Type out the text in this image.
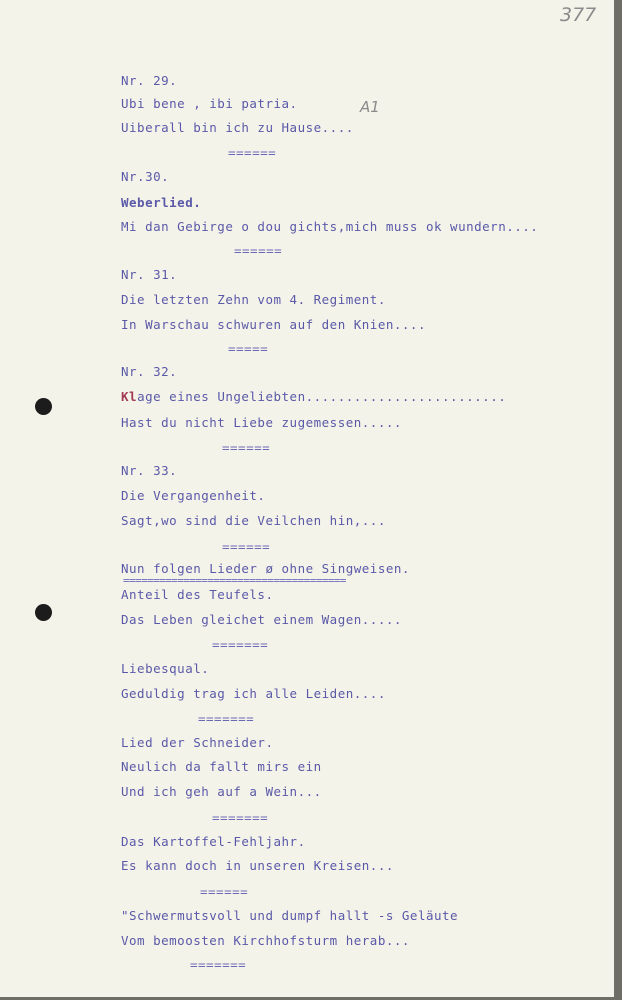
377
A1
Nr. 29.
Ubi bene , ibi patria.
Uiberall bin ich zu Hause....
======
Nr.30.
Weberlied.
Mi dan Gebirge o dou gichts,mich muss ok wundern....
======
Nr. 31.
Die letzten Zehn vom 4. Regiment.
In Warschau schwuren auf den Knien....
=====
Nr. 32.
Klage eines Ungeliebten.........................
Hast du nicht Liebe zugemessen.....
======
Nr. 33.
Die Vergangenheit.
Sagt,wo sind die Veilchen hin,...
======
Nun folgen Lieder ø ohne Singweisen.
=====================================
Anteil des Teufels.
Das Leben gleichet einem Wagen.....
=======
Liebesqual.
Geduldig trag ich alle Leiden....
=======
Lied der Schneider.
Neulich da fallt mirs ein
Und ich geh auf a Wein...
=======
Das Kartoffel-Fehljahr.
Es kann doch in unseren Kreisen...
======
"Schwermutsvoll und dumpf hallt -s Geläute
Vom bemoosten Kirchhofsturm herab...
=======
